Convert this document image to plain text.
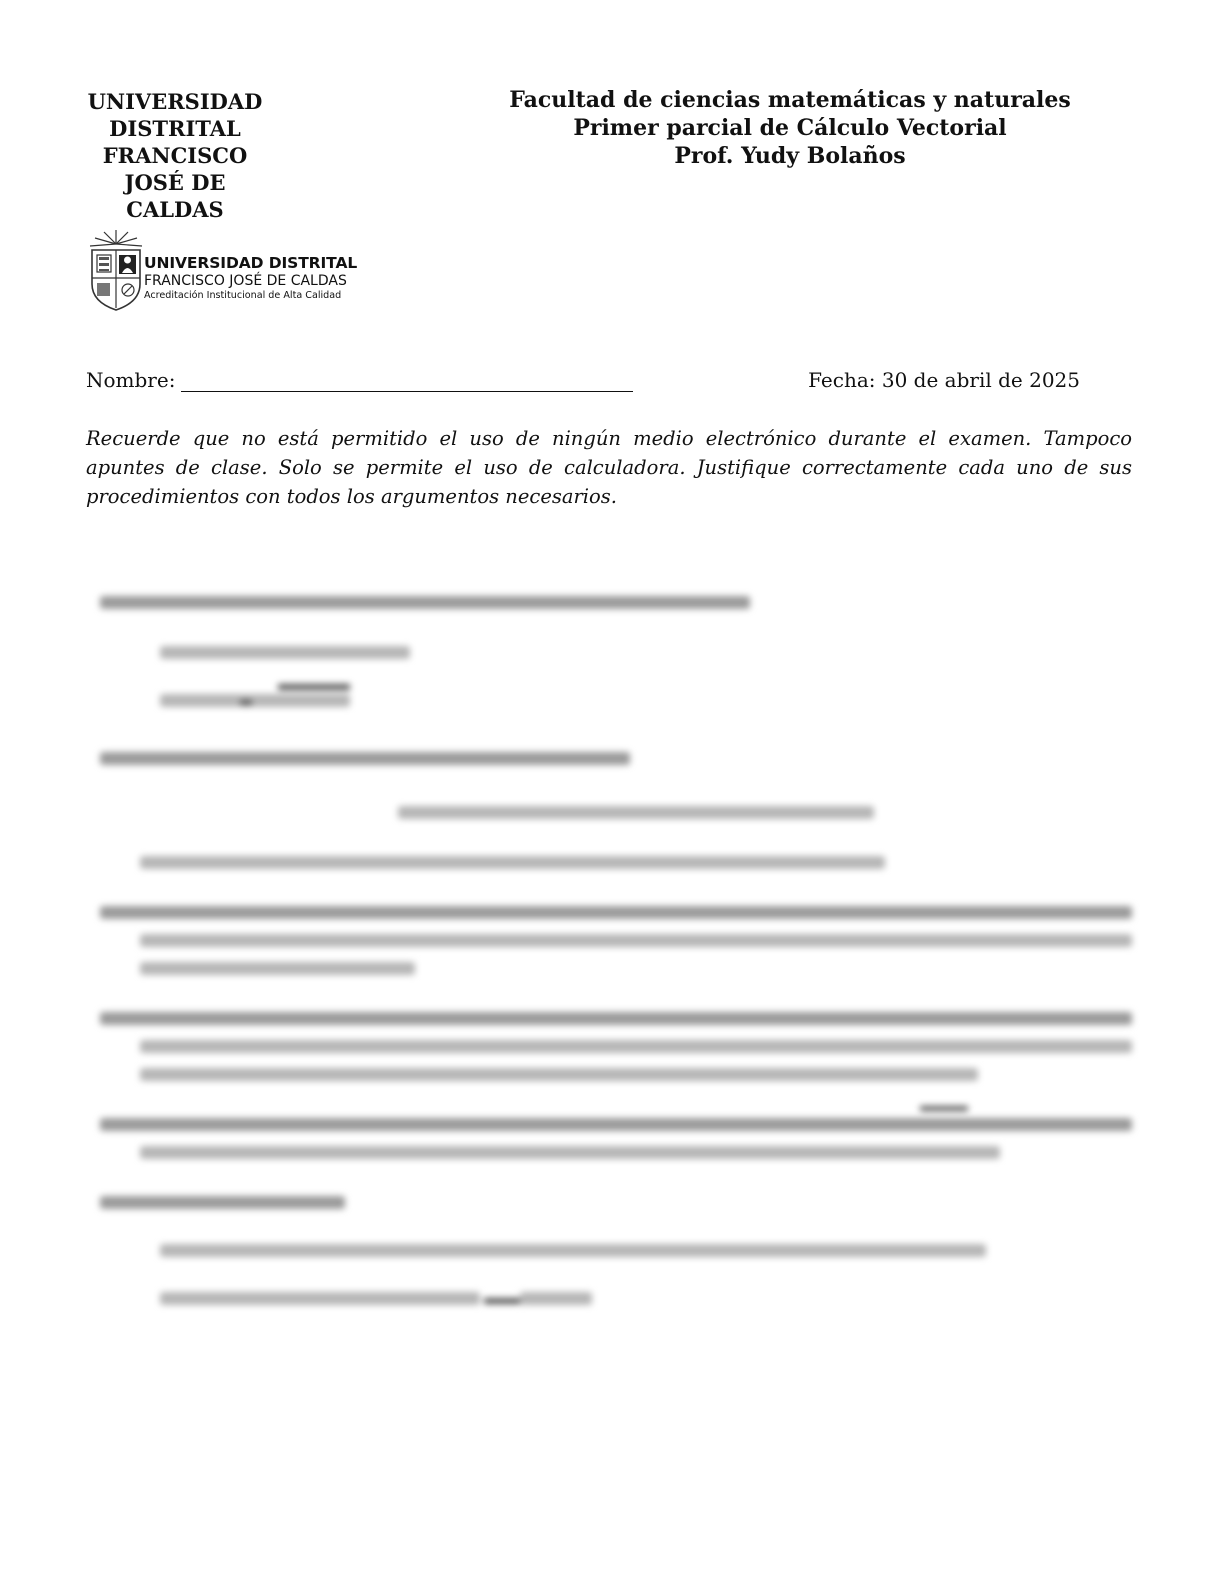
UNIVERSIDAD
DISTRITAL
FRANCISCO
JOSÉ DE
CALDAS
UNIVERSIDAD DISTRITAL
FRANCISCO JOSÉ DE CALDAS
Acreditación Institucional de Alta Calidad
Facultad de ciencias matemáticas y naturales
Primer parcial de Cálculo Vectorial
Prof. Yudy Bolaños
Nombre:	Fecha: 30 de abril de 2025
Recuerde que no está permitido el uso de ningún medio electrónico durante el examen. Tampoco apuntes de clase. Solo se permite el uso de calculadora. Justifique correctamente cada uno de sus procedimientos con todos los argumentos necesarios.
